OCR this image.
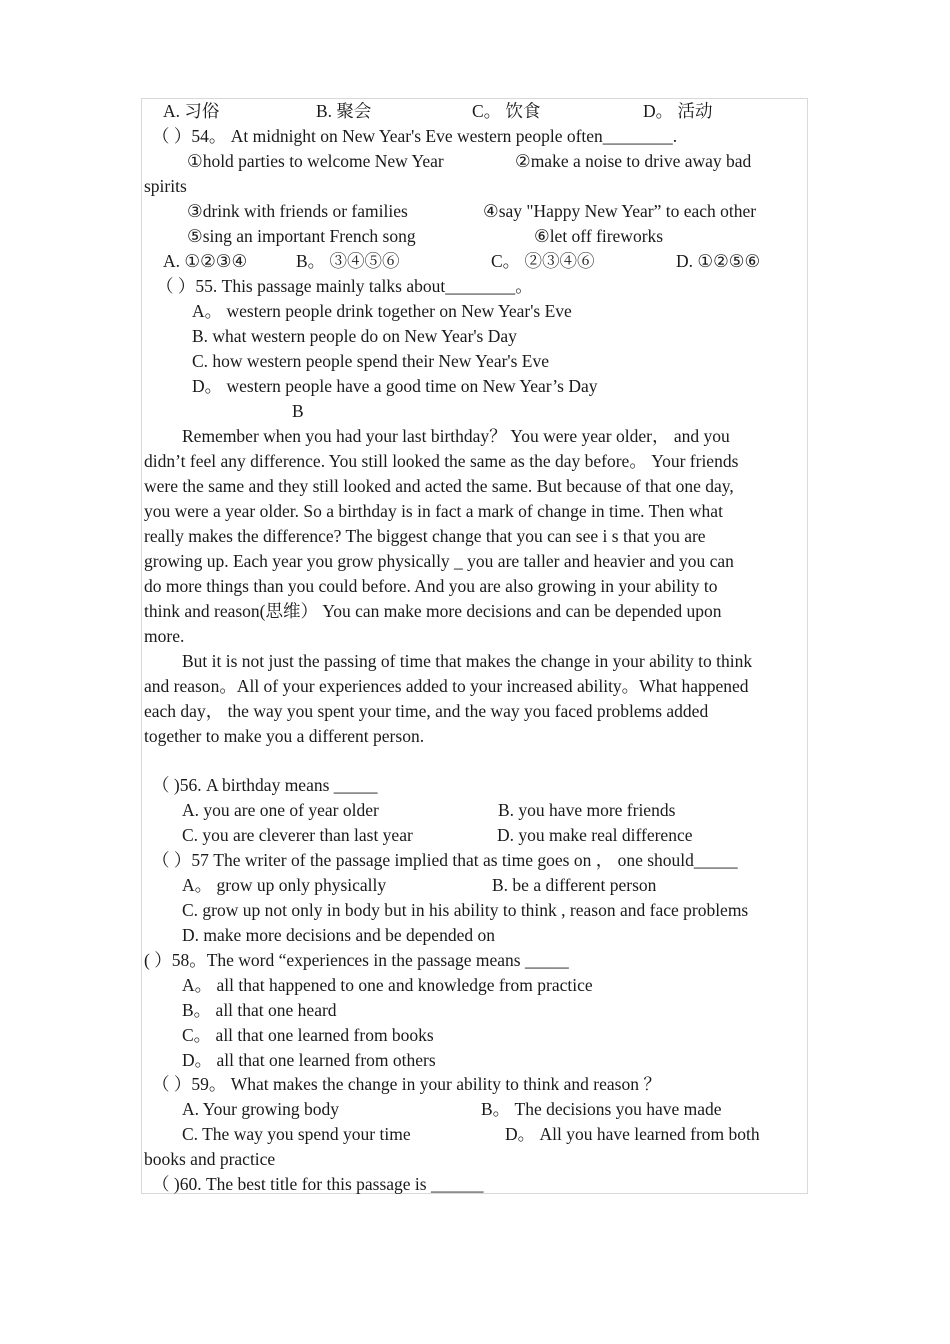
A. 习俗	B. 聚会	C。 饮食	D。 活动
（ ）54。 At midnight on New Year's Eve western people often________.
①hold parties to welcome New Year	②make a noise to drive away bad
spirits
③drink with friends or families	④say "Happy New Year” to each other
⑤sing an important French song	⑥let off fireworks
A. ①②③④	B。 ③④⑤⑥	C。 ②③④⑥	D. ①②⑤⑥
（ ）55. This passage mainly talks about________。
A。 western people drink together on New Year's Eve
B. what western people do on New Year's Day
C. how western people spend their New Year's Eve
D。 western people have a good time on New Year’s Day
B
Remember when you had your last birthday？ You were year older， and you
didn’t feel any difference. You still looked the same as the day before。 Your friends
were the same and they still looked and acted the same. But because of that one day,
you were a year older. So a birthday is in fact a mark of change in time. Then what
really makes the difference? The biggest change that you can see i s that you are
growing up. Each year you grow physically _ you are taller and heavier and you can
do more things than you could before. And you are also growing in your ability to
think and reason(思维） You can make more decisions and can be depended upon
more.
But it is not just the passing of time that makes the change in your ability to think
and reason。All of your experiences added to your increased ability。What happened
each day， the way you spent your time, and the way you faced problems added
together to make you a different person.
（ )56. A birthday means _____
A. you are one of year older	B. you have more friends
C. you are cleverer than last year	D. you make real difference
（ ）57 The writer of the passage implied that as time goes on ， one should_____
A。 grow up only physically	B. be a different person
C. grow up not only in body but in his ability to think , reason and face problems
D. make more decisions and be depended on
( ）58。The word “experiences in the passage means _____
A。 all that happened to one and knowledge from practice
B。 all that one heard
C。 all that one learned from books
D。 all that one learned from others
（ ）59。 What makes the change in your ability to think and reason ？
A. Your growing body	B。 The decisions you have made
C. The way you spend your time	D。 All you have learned from both
books and practice
（ )60. The best title for this passage is ______
